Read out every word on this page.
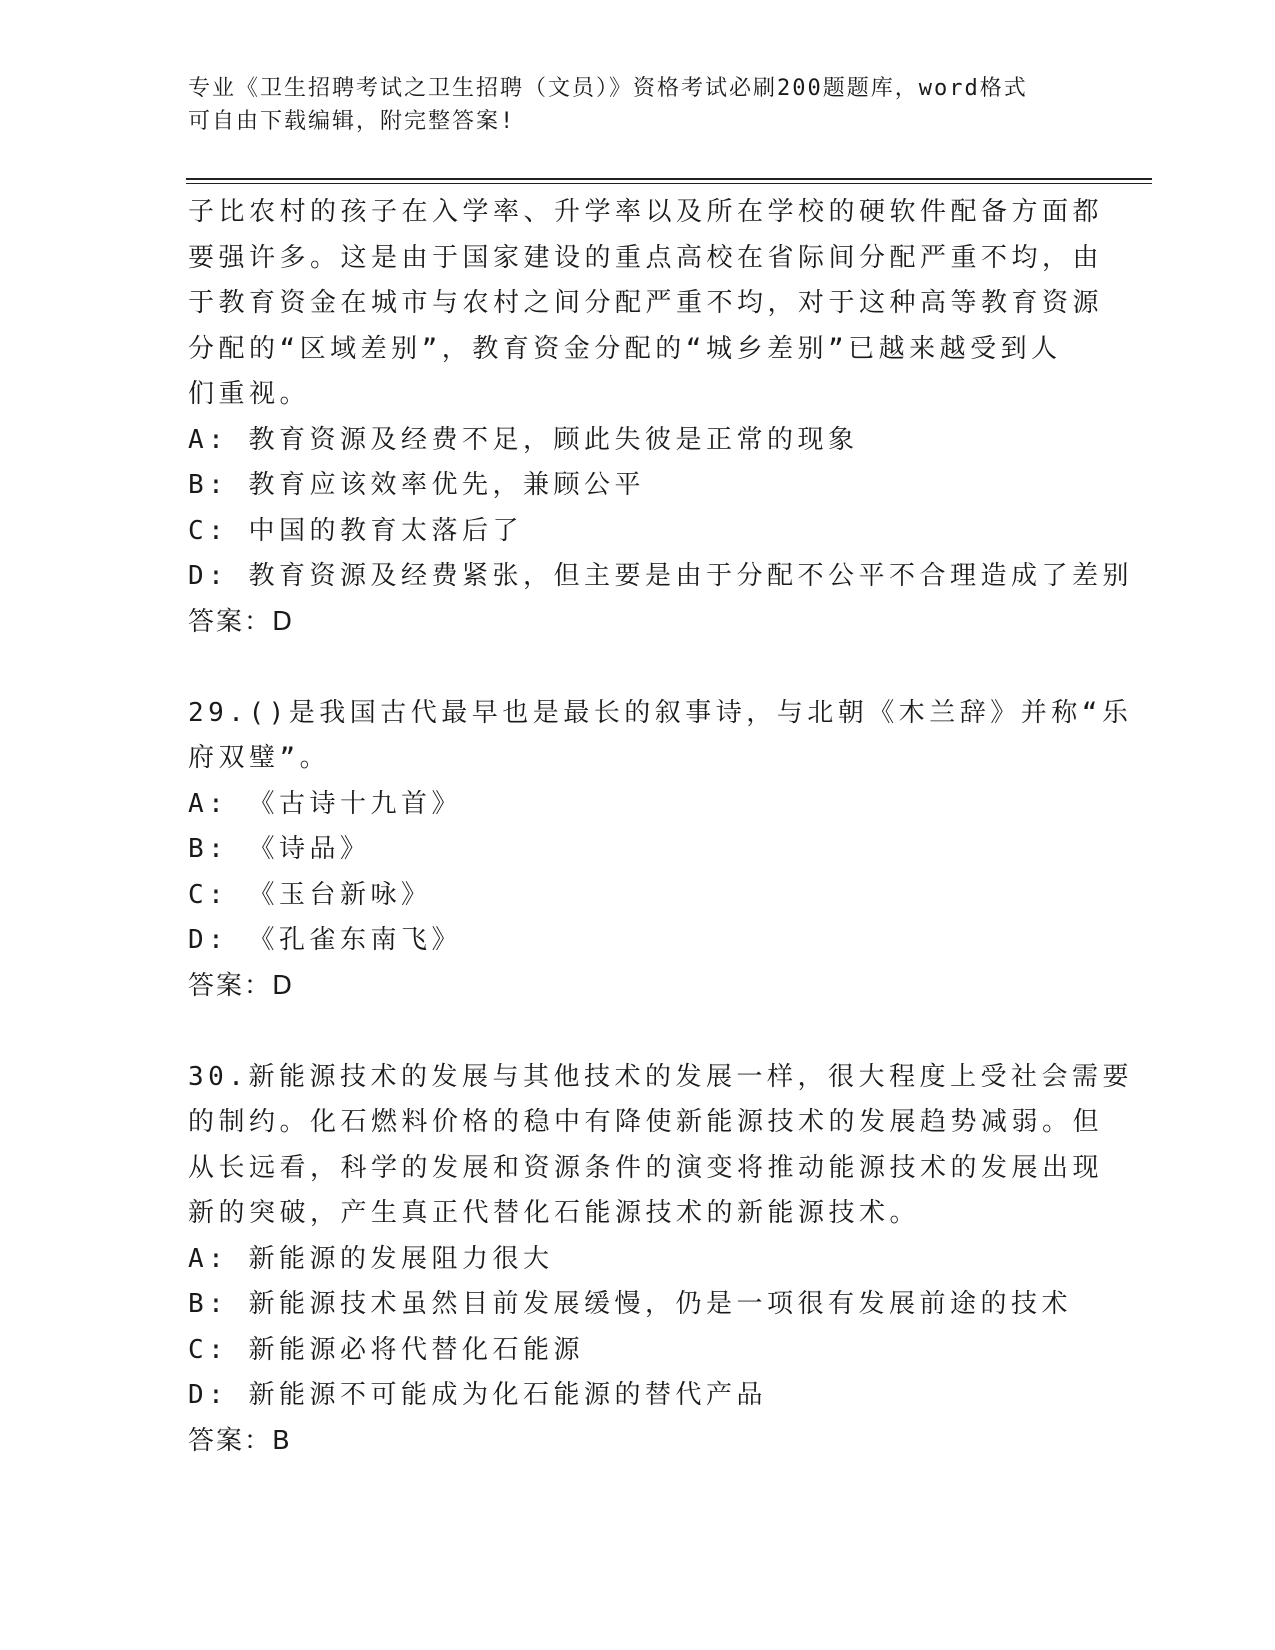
专业《卫生招聘考试之卫生招聘（文员）》资格考试必刷200题题库，word格式
可自由下载编辑，附完整答案!
子比农村的孩子在入学率、升学率以及所在学校的硬软件配备方面都
要强许多。这是由于国家建设的重点高校在省际间分配严重不均，由
于教育资金在城市与农村之间分配严重不均，对于这种高等教育资源
分配的“区域差别”，教育资金分配的“城乡差别”已越来越受到人
们重视。
A: 教育资源及经费不足，顾此失彼是正常的现象
B: 教育应该效率优先，兼顾公平
C: 中国的教育太落后了
D: 教育资源及经费紧张，但主要是由于分配不公平不合理造成了差别
答案：D
29.()是我国古代最早也是最长的叙事诗，与北朝《木兰辞》并称“乐
府双璧”。
A: 《古诗十九首》
B: 《诗品》
C: 《玉台新咏》
D: 《孔雀东南飞》
答案：D
30.新能源技术的发展与其他技术的发展一样，很大程度上受社会需要
的制约。化石燃料价格的稳中有降使新能源技术的发展趋势减弱。但
从长远看，科学的发展和资源条件的演变将推动能源技术的发展出现
新的突破，产生真正代替化石能源技术的新能源技术。
A: 新能源的发展阻力很大
B: 新能源技术虽然目前发展缓慢，仍是一项很有发展前途的技术
C: 新能源必将代替化石能源
D: 新能源不可能成为化石能源的替代产品
答案：B
